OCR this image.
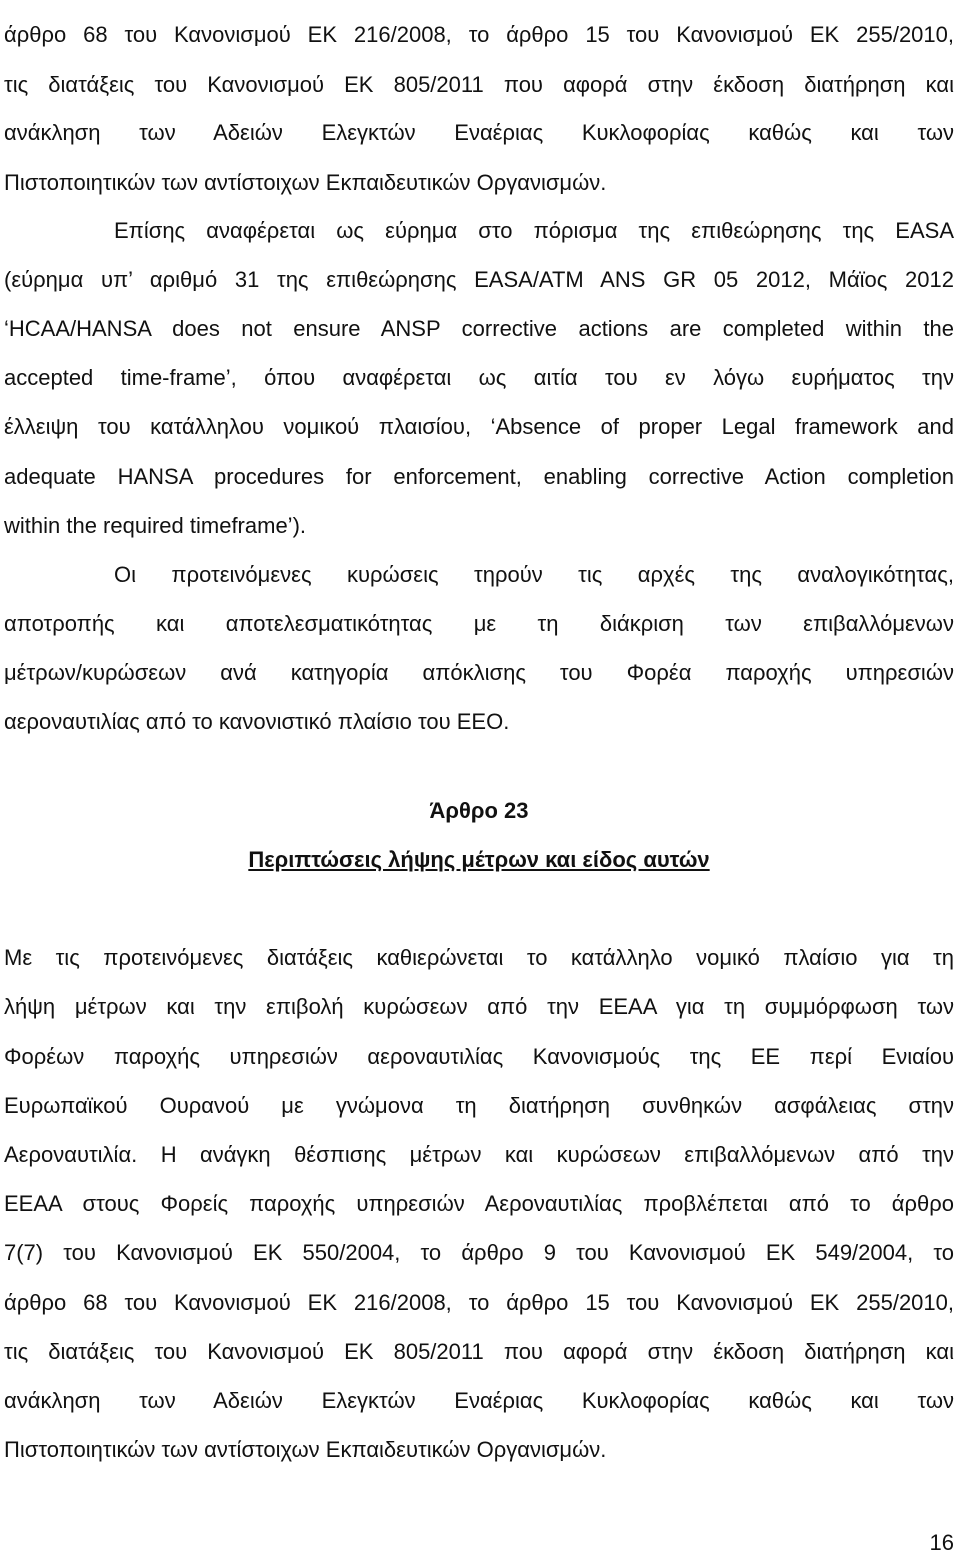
άρθρο 68 του Κανονισμού ΕΚ 216/2008, το άρθρο 15 του Κανονισμού ΕΚ 255/2010,
τις διατάξεις του Κανονισμού ΕΚ 805/2011 που αφορά στην έκδοση διατήρηση και
ανάκληση των Αδειών Ελεγκτών Εναέριας Κυκλοφορίας καθώς και των
Πιστοποιητικών των αντίστοιχων Εκπαιδευτικών Οργανισμών.
Επίσης αναφέρεται ως εύρημα στο πόρισμα της επιθεώρησης της EASA
(εύρημα υπ’ αριθμό 31 της επιθεώρησης EASA/ATM ANS GR 05 2012, Μάϊος 2012
‘HCAA/HANSA does not ensure ANSP corrective actions are completed within the
accepted time-frame’, όπου αναφέρεται ως αιτία του εν λόγω ευρήματος την
έλλειψη του κατάλληλου νομικού πλαισίου, ‘Absence of proper Legal framework and
adequate HANSA procedures for enforcement, enabling corrective Action completion
within the required timeframe’).
Οι προτεινόμενες κυρώσεις τηρούν τις αρχές της αναλογικότητας,
αποτροπής και αποτελεσματικότητας με τη διάκριση των επιβαλλόμενων
μέτρων/κυρώσεων ανά κατηγορία απόκλισης του Φορέα παροχής υπηρεσιών
αεροναυτιλίας από το κανονιστικό πλαίσιο του ΕΕΟ.
Άρθρο 23
Περιπτώσεις λήψης μέτρων και είδος αυτών
Με τις προτεινόμενες διατάξεις καθιερώνεται το κατάλληλο νομικό πλαίσιο για τη
λήψη μέτρων και την επιβολή κυρώσεων από την ΕΕΑΑ για τη συμμόρφωση των
Φορέων παροχής υπηρεσιών αεροναυτιλίας Κανονισμούς της ΕΕ περί Ενιαίου
Ευρωπαϊκού Ουρανού με γνώμονα τη διατήρηση συνθηκών ασφάλειας στην
Αεροναυτιλία. Η ανάγκη θέσπισης μέτρων και κυρώσεων επιβαλλόμενων από την
ΕΕΑΑ στους Φορείς παροχής υπηρεσιών Αεροναυτιλίας προβλέπεται από το άρθρο
7(7) του Κανονισμού ΕΚ 550/2004, το άρθρο 9 του Κανονισμού ΕΚ 549/2004, το
άρθρο 68 του Κανονισμού ΕΚ 216/2008, το άρθρο 15 του Κανονισμού ΕΚ 255/2010,
τις διατάξεις του Κανονισμού ΕΚ 805/2011 που αφορά στην έκδοση διατήρηση και
ανάκληση των Αδειών Ελεγκτών Εναέριας Κυκλοφορίας καθώς και των
Πιστοποιητικών των αντίστοιχων Εκπαιδευτικών Οργανισμών.
16
